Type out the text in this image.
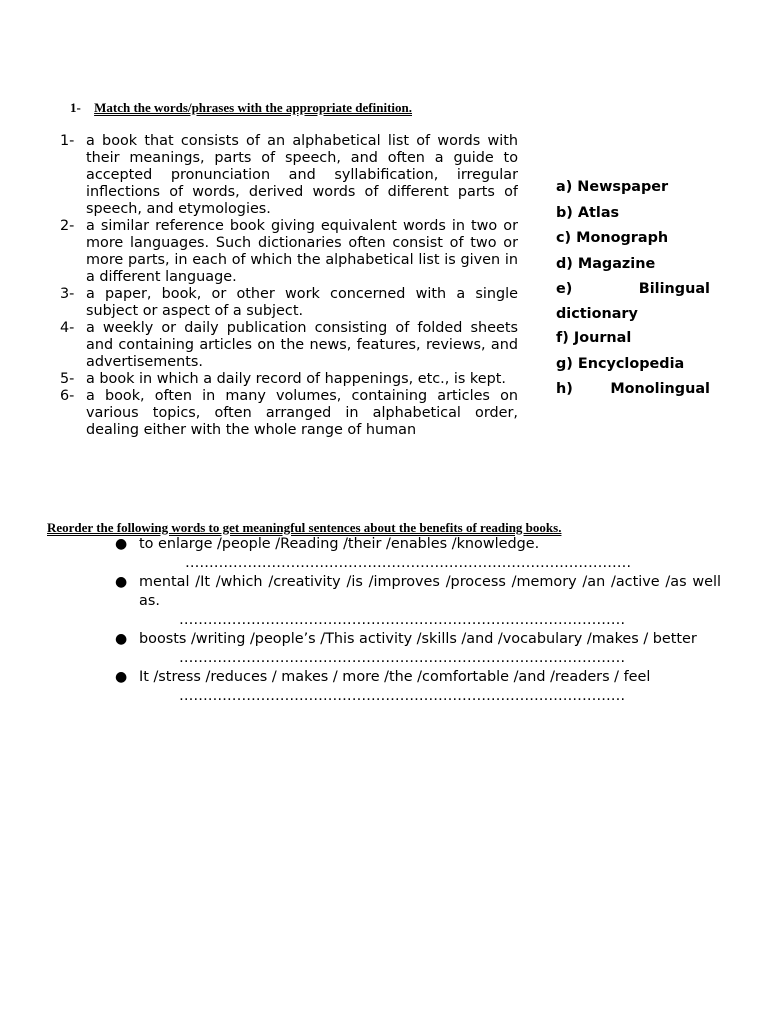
1- Match the words/phrases with the appropriate definition.
1- a book that consists of an alphabetical list of words with their meanings, parts of speech, and often a guide to accepted pronunciation and syllabification, irregular inflections of words, derived words of different parts of speech, and etymologies.
2- a similar reference book giving equivalent words in two or more languages. Such dictionaries often consist of two or more parts, in each of which the alphabetical list is given in a different language.
3- a paper, book, or other work concerned with a single subject or aspect of a subject.
4- a weekly or daily publication consisting of folded sheets and containing articles on the news, features, reviews, and advertisements.
5- a book in which a daily record of happenings, etc., is kept.
6- a book, often in many volumes, containing articles on various topics, often arranged in alphabetical order, dealing either with the whole range of human
a) Newspaper
b) Atlas
c) Monograph
d) Magazine
e) Bilingual
dictionary
f) Journal
g) Encyclopedia
h) Monolingual
Reorder the following words to get meaningful sentences about the benefits of reading books.
● to enlarge /people /Reading /their /enables /knowledge.
…………………………………………………………………………………
● mental /It /which /creativity /is /improves /process /memory /an /active /as well as.
…………………………………………………………………………………
● boosts /writing /people’s /This activity /skills /and /vocabulary /makes / better
…………………………………………………………………………………
● It /stress /reduces / makes / more /the /comfortable /and /readers / feel
…………………………………………………………………………………
